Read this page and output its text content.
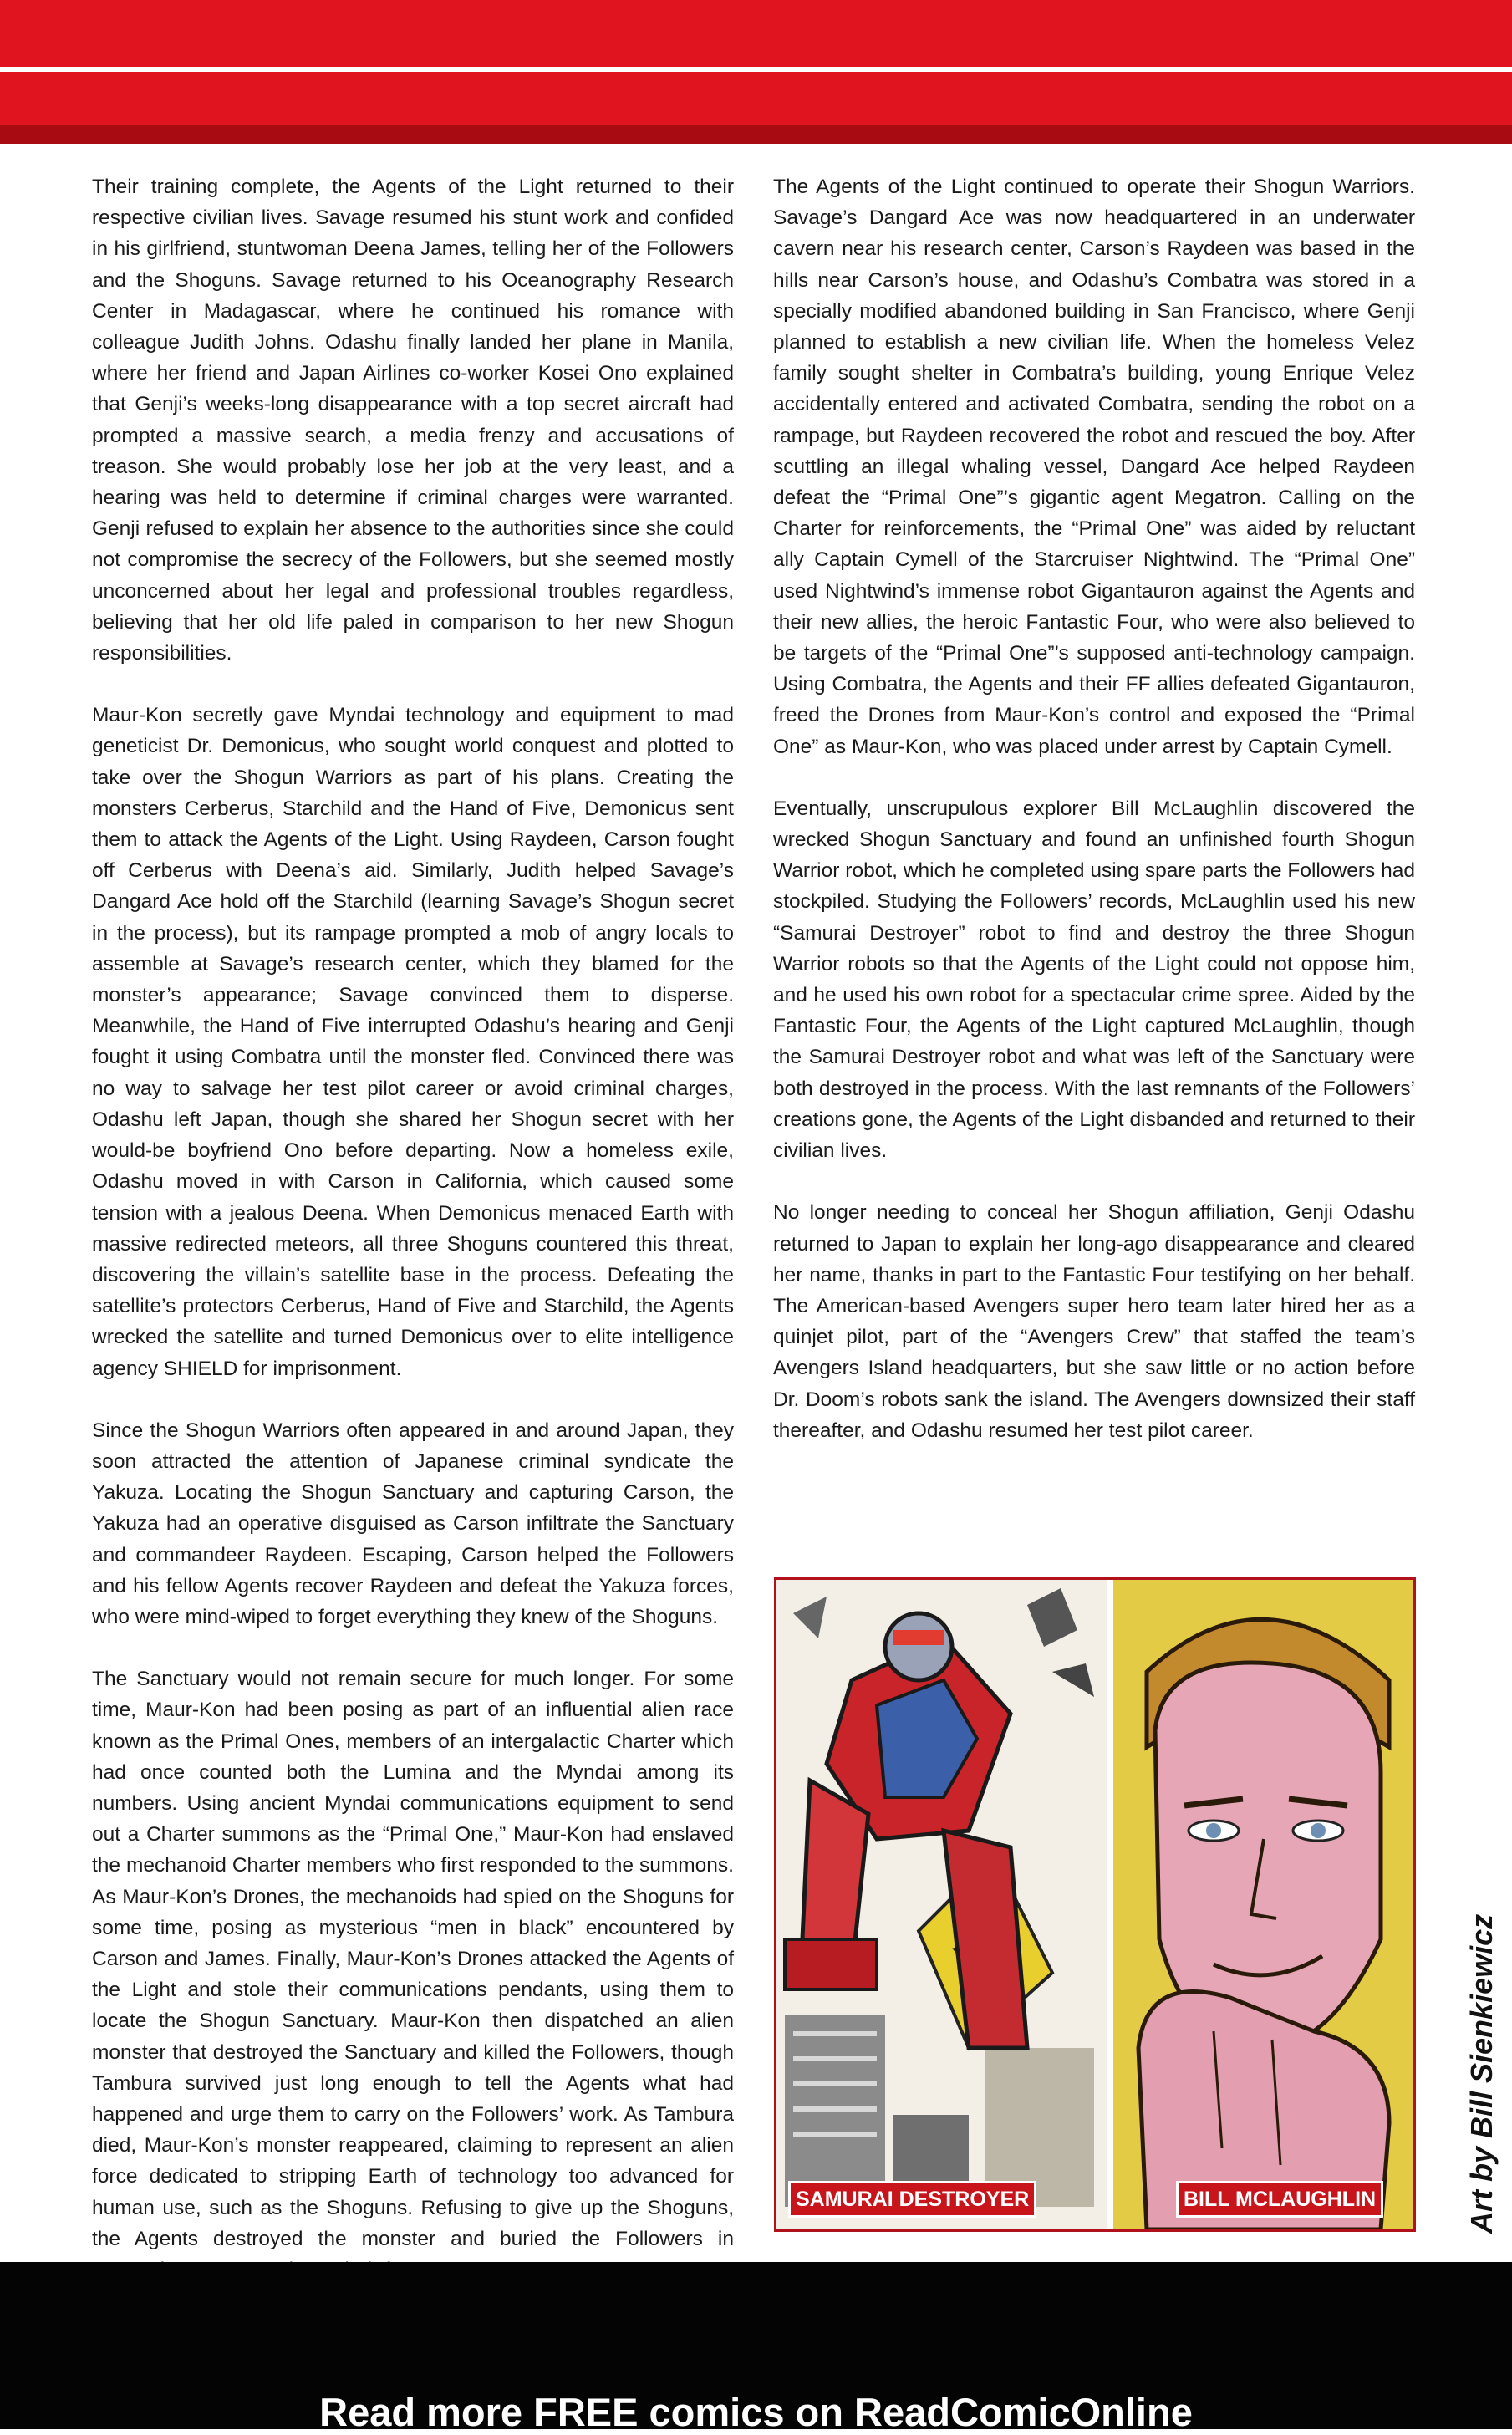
Their training complete, the Agents of the Light returned to their respective civilian lives. Savage resumed his stunt work and confided in his girlfriend, stuntwoman Deena James, telling her of the Followers and the Shoguns. Savage returned to his Oceanography Research Center in Madagascar, where he continued his romance with colleague Judith Johns. Odashu finally landed her plane in Manila, where her friend and Japan Airlines co-worker Kosei Ono explained that Genji’s weeks-long disappearance with a top secret aircraft had prompted a massive search, a media frenzy and accusations of treason. She would probably lose her job at the very least, and a hearing was held to determine if criminal charges were warranted. Genji refused to explain her absence to the authorities since she could not compromise the secrecy of the Followers, but she seemed mostly unconcerned about her legal and professional troubles regardless, believing that her old life paled in comparison to her new Shogun responsibilities.

Maur-Kon secretly gave Myndai technology and equipment to mad geneticist Dr. Demonicus, who sought world conquest and plotted to take over the Shogun Warriors as part of his plans. Creating the monsters Cerberus, Starchild and the Hand of Five, Demonicus sent them to attack the Agents of the Light. Using Raydeen, Carson fought off Cerberus with Deena’s aid. Similarly, Judith helped Savage’s Dangard Ace hold off the Starchild (learning Savage’s Shogun secret in the process), but its rampage prompted a mob of angry locals to assemble at Savage’s research center, which they blamed for the monster’s appearance; Savage convinced them to disperse. Meanwhile, the Hand of Five interrupted Odashu’s hearing and Genji fought it using Combatra until the monster fled. Convinced there was no way to salvage her test pilot career or avoid criminal charges, Odashu left Japan, though she shared her Shogun secret with her would-be boyfriend Ono before departing. Now a homeless exile, Odashu moved in with Carson in California, which caused some tension with a jealous Deena. When Demonicus menaced Earth with massive redirected meteors, all three Shoguns countered this threat, discovering the villain’s satellite base in the process. Defeating the satellite’s protectors Cerberus, Hand of Five and Starchild, the Agents wrecked the satellite and turned Demonicus over to elite intelligence agency SHIELD for imprisonment.

Since the Shogun Warriors often appeared in and around Japan, they soon attracted the attention of Japanese criminal syndicate the Yakuza. Locating the Shogun Sanctuary and capturing Carson, the Yakuza had an operative disguised as Carson infiltrate the Sanctuary and commandeer Raydeen. Escaping, Carson helped the Followers and his fellow Agents recover Raydeen and defeat the Yakuza forces, who were mind-wiped to forget everything they knew of the Shoguns.

The Sanctuary would not remain secure for much longer. For some time, Maur-Kon had been posing as part of an influential alien race known as the Primal Ones, members of an intergalactic Charter which had once counted both the Lumina and the Myndai among its numbers. Using ancient Myndai communications equipment to send out a Charter summons as the “Primal One,” Maur-Kon had enslaved the mechanoid Charter members who first responded to the summons. As Maur-Kon’s Drones, the mechanoids had spied on the Shoguns for some time, posing as mysterious “men in black” encountered by Carson and James. Finally, Maur-Kon’s Drones attacked the Agents of the Light and stole their communications pendants, using them to locate the Shogun Sanctuary. Maur-Kon then dispatched an alien monster that destroyed the Sanctuary and killed the Followers, though Tambura survived just long enough to tell the Agents what had happened and urge them to carry on the Followers’ work. As Tambura died, Maur-Kon’s monster reappeared, claiming to represent an alien force dedicated to stripping Earth of technology too advanced for human use, such as the Shoguns. Refusing to give up the Shoguns, the Agents destroyed the monster and buried the Followers in

The Agents of the Light continued to operate their Shogun Warriors. Savage’s Dangard Ace was now headquartered in an underwater cavern near his research center, Carson’s Raydeen was based in the hills near Carson’s house, and Odashu’s Combatra was stored in a specially modified abandoned building in San Francisco, where Genji planned to establish a new civilian life. When the homeless Velez family sought shelter in Combatra’s building, young Enrique Velez accidentally entered and activated Combatra, sending the robot on a rampage, but Raydeen recovered the robot and rescued the boy. After scuttling an illegal whaling vessel, Dangard Ace helped Raydeen defeat the “Primal One”’s gigantic agent Megatron. Calling on the Charter for reinforcements, the “Primal One” was aided by reluctant ally Captain Cymell of the Starcruiser Nightwind. The “Primal One” used Nightwind’s immense robot Gigantauron against the Agents and their new allies, the heroic Fantastic Four, who were also believed to be targets of the “Primal One”’s supposed anti-technology campaign. Using Combatra, the Agents and their FF allies defeated Gigantauron, freed the Drones from Maur-Kon’s control and exposed the “Primal One” as Maur-Kon, who was placed under arrest by Captain Cymell.

Eventually, unscrupulous explorer Bill McLaughlin discovered the wrecked Shogun Sanctuary and found an unfinished fourth Shogun Warrior robot, which he completed using spare parts the Followers had stockpiled. Studying the Followers’ records, McLaughlin used his new “Samurai Destroyer” robot to find and destroy the three Shogun Warrior robots so that the Agents of the Light could not oppose him, and he used his own robot for a spectacular crime spree. Aided by the Fantastic Four, the Agents of the Light captured McLaughlin, though the Samurai Destroyer robot and what was left of the Sanctuary were both destroyed in the process. With the last remnants of the Followers’ creations gone, the Agents of the Light disbanded and returned to their civilian lives.

No longer needing to conceal her Shogun affiliation, Genji Odashu returned to Japan to explain her long-ago disappearance and cleared her name, thanks in part to the Fantastic Four testifying on her behalf. The American-based Avengers super hero team later hired her as a quinjet pilot, part of the “Avengers Crew” that staffed the team’s Avengers Island headquarters, but she saw little or no action before Dr. Doom’s robots sank the island. The Avengers downsized their staff thereafter, and Odashu resumed her test pilot career.

SAMURAI DESTROYER	BILL MCLAUGHLIN	Art by Bill Sienkiewicz
Read more FREE comics on ReadComicOnline
